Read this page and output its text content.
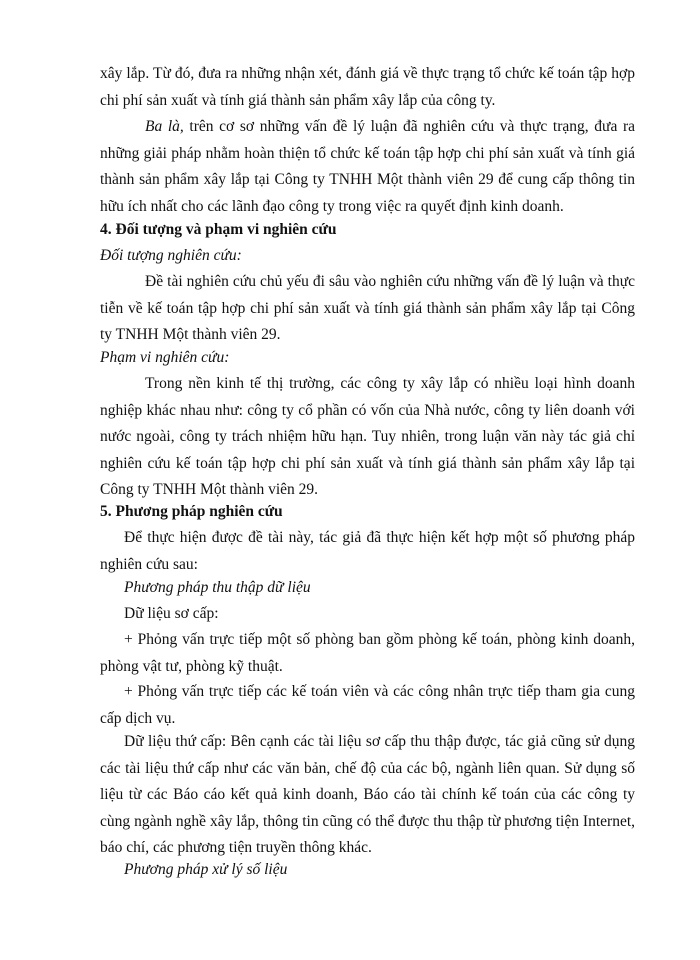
xây lắp. Từ đó, đưa ra những nhận xét, đánh giá về thực trạng tổ chức kế toán tập hợp chi phí sản xuất và tính giá thành sản phẩm xây lắp của công ty.

Ba là, trên cơ sơ những vấn đề lý luận đã nghiên cứu và thực trạng, đưa ra những giải pháp nhằm hoàn thiện tổ chức kế toán tập hợp chi phí sản xuất và tính giá thành sản phẩm xây lắp tại Công ty TNHH Một thành viên 29 để cung cấp thông tin hữu ích nhất cho các lãnh đạo công ty trong việc ra quyết định kinh doanh.

4. Đối tượng và phạm vi nghiên cứu

Đối tượng nghiên cứu:

Đề tài nghiên cứu chủ yếu đi sâu vào nghiên cứu những vấn đề lý luận và thực tiễn về kế toán tập hợp chi phí sản xuất và tính giá thành sản phẩm xây lắp tại Công ty TNHH Một thành viên 29.

Phạm vi nghiên cứu:

Trong nền kinh tế thị trường, các công ty xây lắp có nhiều loại hình doanh nghiệp khác nhau như: công ty cổ phần có vốn của Nhà nước, công ty liên doanh với nước ngoài, công ty trách nhiệm hữu hạn. Tuy nhiên, trong luận văn này tác giả chỉ nghiên cứu kế toán tập hợp chi phí sản xuất và tính giá thành sản phẩm xây lắp tại Công ty TNHH Một thành viên 29.

5. Phương pháp nghiên cứu

Để thực hiện được đề tài này, tác giả đã thực hiện kết hợp một số phương pháp nghiên cứu sau:

Phương pháp thu thập dữ liệu

Dữ liệu sơ cấp:

+ Phỏng vấn trực tiếp một số phòng ban gồm phòng kế toán, phòng kinh doanh, phòng vật tư, phòng kỹ thuật.

+ Phỏng vấn trực tiếp các kế toán viên và các công nhân trực tiếp tham gia cung cấp dịch vụ.

Dữ liệu thứ cấp: Bên cạnh các tài liệu sơ cấp thu thập được, tác giả cũng sử dụng các tài liệu thứ cấp như các văn bản, chế độ của các bộ, ngành liên quan. Sử dụng số liệu từ các Báo cáo kết quả kinh doanh, Báo cáo tài chính kế toán của các công ty cùng ngành nghề xây lắp, thông tin cũng có thể được thu thập từ phương tiện Internet, báo chí, các phương tiện truyền thông khác.

Phương pháp xử lý số liệu
